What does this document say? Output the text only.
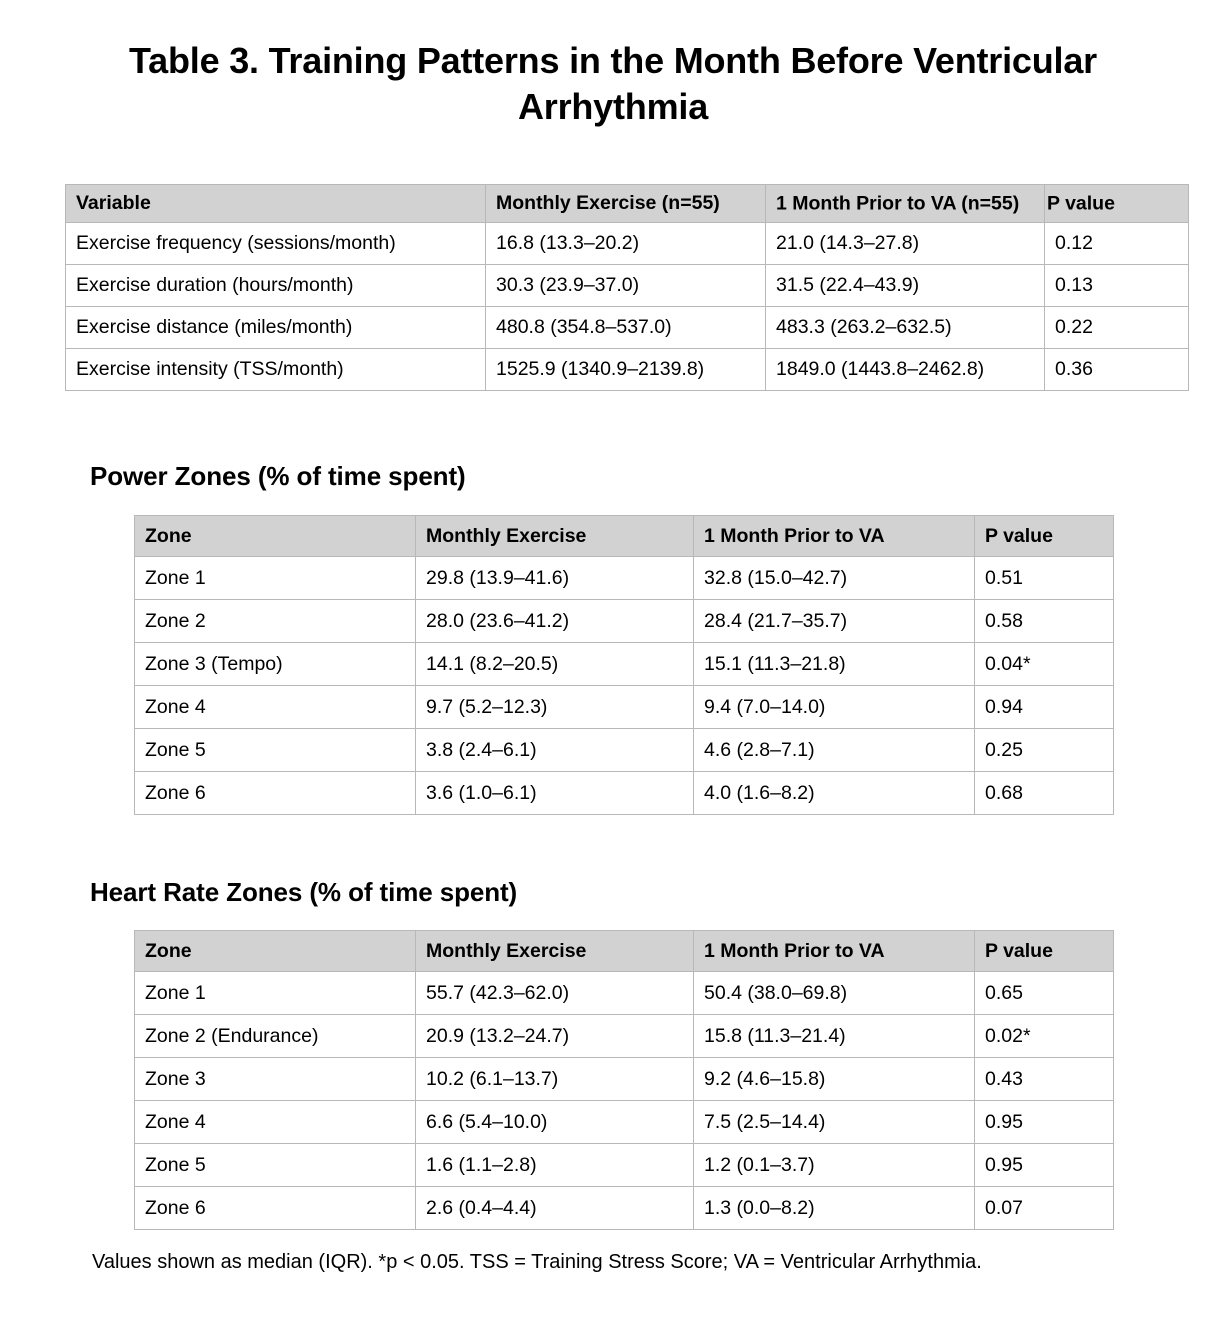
Table 3. Training Patterns in the Month Before Ventricular Arrhythmia
Variable	Monthly Exercise (n=55)	1 Month Prior to VA (n=55)	P value

Exercise frequency (sessions/month)	16.8 (13.3–20.2)	21.0 (14.3–27.8)	0.12
Exercise duration (hours/month)	30.3 (23.9–37.0)	31.5 (22.4–43.9)	0.13
Exercise distance (miles/month)	480.8 (354.8–537.0)	483.3 (263.2–632.5)	0.22
Exercise intensity (TSS/month)	1525.9 (1340.9–2139.8)	1849.0 (1443.8–2462.8)	0.36
Power Zones (% of time spent)
Zone	Monthly Exercise	1 Month Prior to VA	P value
Zone 1	29.8 (13.9–41.6)	32.8 (15.0–42.7)	0.51
Zone 2	28.0 (23.6–41.2)	28.4 (21.7–35.7)	0.58
Zone 3 (Tempo)	14.1 (8.2–20.5)	15.1 (11.3–21.8)	0.04*
Zone 4	9.7 (5.2–12.3)	9.4 (7.0–14.0)	0.94
Zone 5	3.8 (2.4–6.1)	4.6 (2.8–7.1)	0.25
Zone 6	3.6 (1.0–6.1)	4.0 (1.6–8.2)	0.68
Heart Rate Zones (% of time spent)
Zone	Monthly Exercise	1 Month Prior to VA	P value
Zone 1	55.7 (42.3–62.0)	50.4 (38.0–69.8)	0.65
Zone 2 (Endurance)	20.9 (13.2–24.7)	15.8 (11.3–21.4)	0.02*
Zone 3	10.2 (6.1–13.7)	9.2 (4.6–15.8)	0.43
Zone 4	6.6 (5.4–10.0)	7.5 (2.5–14.4)	0.95
Zone 5	1.6 (1.1–2.8)	1.2 (0.1–3.7)	0.95
Zone 6	2.6 (0.4–4.4)	1.3 (0.0–8.2)	0.07
Values shown as median (IQR). *p < 0.05. TSS = Training Stress Score; VA = Ventricular Arrhythmia.
